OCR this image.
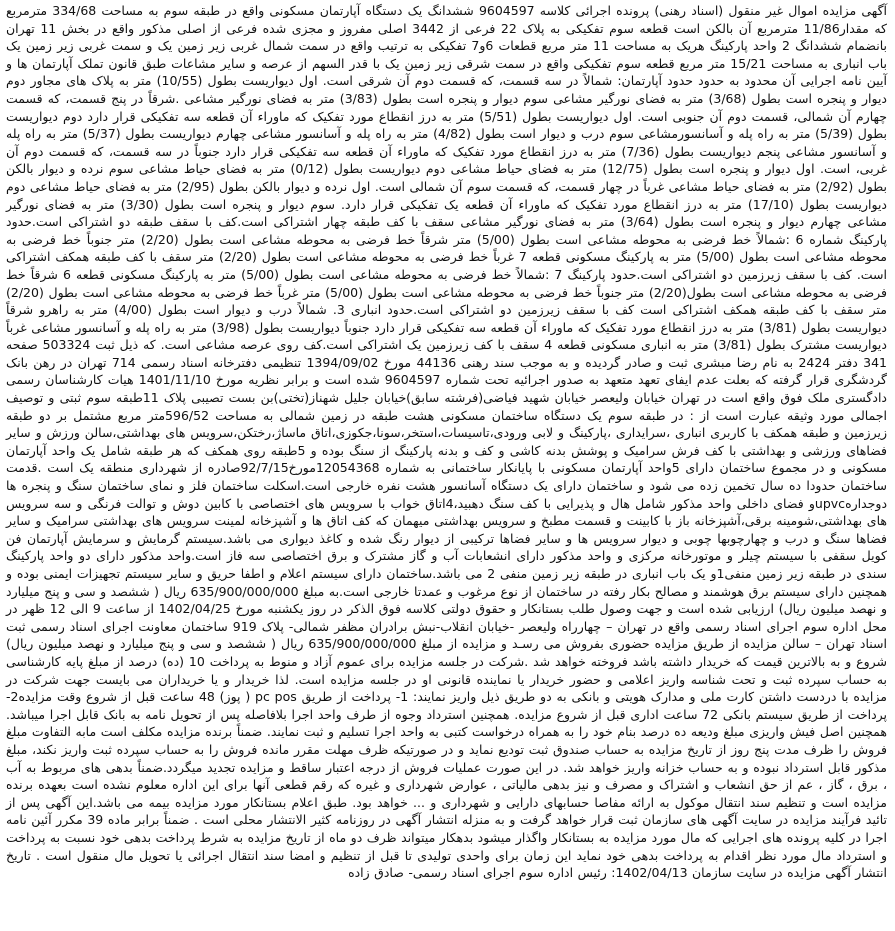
آگهی مزایده اموال غیر منقول (اسناد رهنی) پرونده اجرائی کلاسه 9604597 ششدانگ یک دستگاه آپارتمان مسکونی واقع در طبقه سوم به مساحت 334/68 مترمربع که مقدار11/86 مترمربع آن بالکن است قطعه سوم تفکیکی به پلاک 22 فرعی از 3442 اصلی مفروز و مجزی شده فرعی از اصلی مذکور واقع در بخش 11 تهران بانضمام ششدانگ 2 واحد پارکینگ هریک به مساحت 11 متر مربع قطعات 6و7 تفکیکی به ترتیب واقع در سمت شمال غربی زیر زمین یک و سمت غربی زیر زمین یک باب انباری به مساحت 15/21 متر مربع قطعه سوم تفکیکی واقع در سمت شرقی زیر زمین یک با قدر السهم از عرصه و سایر مشاعات طبق قانون تملک آپارتمان ها و آیین نامه اجرایی آن محدود به حدود حدود آپارتمان: شمالاً در سه قسمت، که قسمت دوم آن شرقی است. اول دیواریست بطول (10/55) متر به پلاک های مجاور دوم دیوار و پنجره است بطول (3/68) متر به فضای نورگیر مشاعی سوم دیوار و پنجره است بطول (3/83) متر به فضای نورگیر مشاعی .شرقاً در پنج قسمت، که قسمت چهارم آن شمالی، قسمت دوم آن جنوبی است. اول دیواریست بطول (5/51) متر به درز انقطاع مورد تفکیک که ماوراء آن قطعه سه تفکیکی قرار دارد دوم دیواریست بطول (5/39) متر به راه پله و آسانسورمشاعی سوم درب و دیوار است بطول (4/82) متر به راه پله و آسانسور مشاعی چهارم دیواریست بطول (5/37) متر به راه پله و آسانسور مشاعی پنجم دیواریست بطول (7/36) متر به درز انقطاع مورد تفکیک که ماوراء آن قطعه سه تفکیکی قرار دارد جنوباً در سه قسمت، که قسمت دوم آن غربی، است. اول دیوار و پنجره است بطول (12/75) متر به فضای حیاط مشاعی دوم دیواریست بطول (0/12) متر به فضای حیاط مشاعی سوم نرده و دیوار بالکن بطول (2/92) متر به فضای حیاط مشاعی غرباً در چهار قسمت، که قسمت سوم آن شمالی است. اول نرده و دیوار بالکن بطول (2/95) متر به فضای حیاط مشاعی دوم دیواریست بطول (17/10) متر به درز انقطاع مورد تفکیک که ماوراء آن قطعه یک تفکیکی قرار دارد. سوم دیوار و پنجره است بطول (3/30) متر به فضای نورگیر مشاعی چهارم دیوار و پنجره است بطول (3/64) متر به فضای نورگیر مشاعی سقف با کف طبقه چهار اشتراکی است.کف با سقف طبقه دو اشتراکی است.حدود پارکینگ شماره 6 :شمالاً خط فرضی به محوطه مشاعی است بطول (5/00) متر شرقاً خط فرضی به محوطه مشاعی است بطول (2/20) متر جنوباً خط فرضی به محوطه مشاعی است بطول (5/00) متر به پارکینگ مسکونی قطعه 7 غرباً خط فرضی به محوطه مشاعی است بطول (2/20) متر سقف با کف طبقه همکف اشتراکی است. کف با سقف زیرزمین دو اشتراکی است.حدود پارکینگ 7 :شمالاً خط فرضی به محوطه مشاعی است بطول (5/00) متر به پارکینگ مسکونی قطعه 6 شرقاً خط فرضی به محوطه مشاعی است بطول(2/20) متر جنوباً خط فرضی به محوطه مشاعی است بطول (5/00) متر غرباً خط فرضی به محوطه مشاعی است بطول (2/20) متر سقف با کف طبقه همکف اشتراکی است کف با سقف زیرزمین دو اشتراکی است.حدود انباری 3. شمالاً درب و دیوار است بطول (4/00) متر به راهرو شرقاً دیواریست بطول (3/81) متر به درز انقطاع مورد تفکیک که ماوراء آن قطعه سه تفکیکی قرار دارد جنوباً دیواریست بطول (3/98) متر به راه پله و آسانسور مشاعی غرباً دیواریست مشترک بطول (3/81) متر به انباری مسکونی قطعه 4 سقف با کف زیرزمین یک اشتراکی است.کف روی عرصه مشاعی است. که ذیل ثبت 503324 صفحه 341 دفتر 2424 به نام رضا مبشری ثبت و صادر گردیده و به موجب سند رهنی 44136 مورخ 1394/09/02 تنظیمی دفترخانه اسناد رسمی 714 تهران در رهن بانک گردشگری قرار گرفته که بعلت عدم ایفای تعهد متعهد به صدور اجرائیه تحت شماره 9604597 شده است و برابر نظریه مورخ 1401/11/10 هیات کارشناسان رسمی دادگستری ملک فوق واقع است در تهران خیابان ولیعصر خیابان شهید فیاضی(فرشته سابق)خیابان جلیل شهناز(تختی)بن بست تصیبی پلاک 11طبقه سوم ثبتی و توصیف اجمالی مورد وثیقه عبارت است از : در طبقه سوم یک دستگاه ساختمان مسکونی هشت طبقه در زمین شمالی به مساحت 596/52متر مربع مشتمل بر دو طبقه زیرزمین و طبقه همکف با کاربری انباری ،سرایداری ،پارکینگ و لابی ورودی،تاسیسات،استخر،سونا،جکوزی،اتاق ماساژ،رختکن،سرویس های بهداشتی،سالن ورزش و سایر فضاهای ورزشی و بهداشتی با کف فرش سرامیک و پوشش بدنه کاشی و کف و بدنه پارکینگ از سنگ بوده و 5طبقه روی همکف که هر طبقه شامل یک واحد آپارتمان مسکونی و در مجموع ساختمان دارای 5واحد آپارتمان مسکونی با پایانکار ساختمانی به شماره 12054368مورخ92/7/15صادره از شهرداری منطقه یک است .قدمت ساختمان حدودا ده سال تخمین زده می شود و ساختمان دارای یک دستگاه آسانسور هشت نفره خارجی است.اسکلت ساختمان فلز و نمای ساختمان سنگ و پنجره ها دوجدارهupvcو فضای داخلی واحد مذکور شامل هال و پذیرایی با کف سنگ دهبید،4اتاق خواب با سرویس های اختصاصی با کابین دوش و توالت فرنگی و سه سرویس های بهداشتی،شومینه برقی،آشپزخانه باز با کابینت و قسمت مطبخ و سرویس بهداشتی میهمان که کف اتاق ها و آشپزخانه لمینت سرویس های بهداشتی سرامیک و سایر فضاها سنگ و درب و چهارچوبها چوبی و دیوار سرویس ها و سایر فضاها ترکیبی از دیوار رنگ شده و کاغذ دیواری می باشد.سیستم گرمایش و سرمایش آپارتمان فن کویل سقفی با سیستم چیلر و موتورخانه مرکزی و واحد مذکور دارای انشعابات آب و گاز مشترک و برق اختصاصی سه فاز است.واحد مذکور دارای دو واحد پارکینگ سندی در طبقه زیر زمین منفی1و یک باب انباری در طبقه زیر زمین منفی 2 می باشد.ساختمان دارای سیستم اعلام و اطفا حریق و سایر سیستم تجهیزات ایمنی بوده و همچنین دارای سیستم برق هوشمند و مصالح بکار رفته در ساختمان از نوع مرغوب و عمدتا خارجی است.به مبلغ 635/900/000/000 ریال ( ششصد و سی و پنج میلیارد و نهصد میلیون ریال) ارزیابی شده است و جهت وصول طلب بستانکار و حقوق دولتی کلاسه فوق الذکر در روز یکشنبه مورخ 1402/04/25 از ساعت 9 الی 12 ظهر در محل اداره سوم اجرای اسناد رسمی واقع در تهران – چهارراه ولیعصر -خیابان انقلاب-نبش برادران مظفر شمالی- پلاک 919 ساختمان معاونت اجرای اسناد رسمی ثبت اسناد تهران – سالن مزایده از طریق مزایده حضوری بفروش می رسـد و مزایده از مبلغ 635/900/000/000 ریال ( ششصد و سی و پنج میلیارد و نهصد میلیون ریال) شروع و به بالاترین قیمت که خریدار داشته باشد فروخته خواهد شد .شرکت در جلسه مزایده برای عموم آزاد و منوط به پرداخت 10 (ده) درصد از مبلغ پایه کارشناسی به حساب سپرده ثبت و تحت شناسه واریز اعلامی و حضور خریدار یا نماینده قانونی او در جلسه مزایده است. لذا خریدار و یا خریداران می بایست جهت شرکت در مزایده با دردست داشتن کارت ملی و مدارک هویتی و بانکی به دو طریق ذیل واریز نمایند: 1- پرداخت از طریق pc pos ( پوز) 48 ساعت قبل از شروع وقت مزایده2- پرداخت از طریق سیستم بانکی 72 ساعت اداری قبل از شروع مزایده. همچنین استرداد وجوه از طرف واحد اجرا بلافاصله پس از تحویل نامه به بانک قابل اجرا میباشد. همچنین اصل فیش واریزی مبلغ ودیعه ده درصد بنام خود را به همراه درخواست کتبی به واحد اجرا تسلیم و ثبت نمایند. ضمناً برنده مزایده مکلف است مابه التفاوت مبلغ فروش را ظرف مدت پنج روز از تاریخ مزایده به حساب صندوق ثبت تودیع نماید و در صورتیکه ظرف مهلت مقرر مانده فروش را به حساب سپرده ثبت واریز نکند، مبلغ مذکور قابل استرداد نبوده و به حساب خزانه واریز خواهد شد. در این صورت عملیات فروش از درجه اعتبار ساقط و مزایده تجدید میگردد.ضمناً بدهی های مربوط به آب ، برق ، گاز ، عم از حق انشعاب و اشتراک و مصرف و نیز بدهی مالیاتی ، عوارض شهرداری و غیره که رقم قطعی آنها برای این اداره معلوم نشده است بعهده برنده مزایده است و تنظیم سند انتقال موکول به ارائه مفاصا حسابهای دارایی و شهرداری و ... خواهد بود. طبق اعلام بستانکار مورد مزایده بیمه می باشد.این آگهی پس از تائید فرآیند مزایده در سایت آگهی های سازمان ثبت قرار خواهد گرفت و به منزله انتشار آگهی در روزنامه کثیر الانتشار محلی است . ضمناً برابر ماده 39 مکرر آئین نامه اجرا در کلیه پرونده های اجرایی که مال مورد مزایده به بستانکار واگذار میشود بدهکار میتواند ظرف دو ماه از تاریخ مزایده به شرط پرداخت بدهی خود نسبت به پرداخت و استرداد مال مورد نظر اقدام به پرداخت بدهی خود نماید این زمان برای واحدی تولیدی تا قبل از تنظیم و امضا سند انتقال اجرائی یا تحویل مال منقول است . تاریخ انتشار آگهی مزایده در سایت سازمان 1402/04/13: رئیس اداره سوم اجرای اسناد رسمی- صادق زاده
